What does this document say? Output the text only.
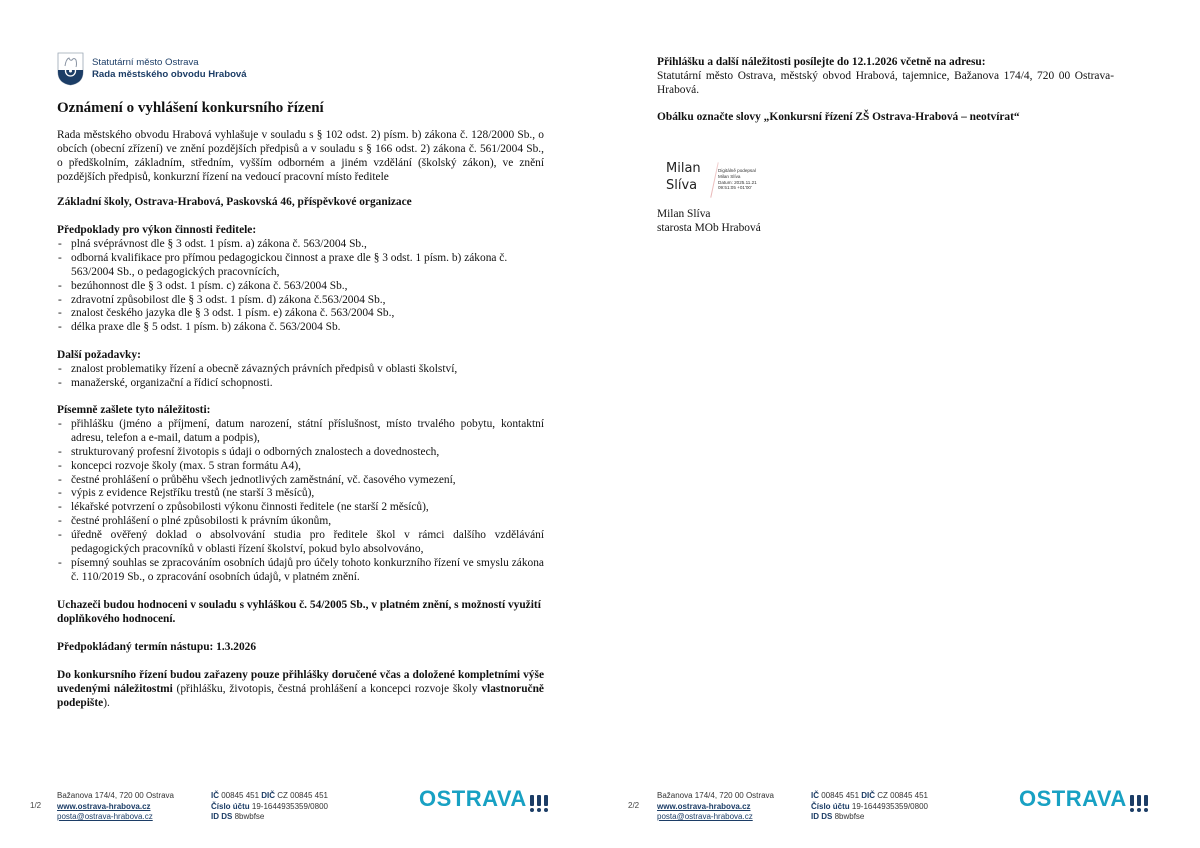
Statutární město Ostrava
Rada městského obvodu Hrabová
Oznámení o vyhlášení konkursního řízení

Rada městského obvodu Hrabová vyhlašuje v souladu s § 102 odst. 2) písm. b) zákona č. 128/2000 Sb., o obcích (obecní zřízení) ve znění pozdějších předpisů a v souladu s § 166 odst. 2) zákona č. 561/2004 Sb., o předškolním, základním, středním, vyšším odborném a jiném vzdělání (školský zákon), ve znění pozdějších předpisů, konkurzní řízení na vedoucí pracovní místo ředitele

Základní školy, Ostrava-Hrabová, Paskovská 46, příspěvkové organizace
Předpoklady pro výkon činnosti ředitele:
- plná svéprávnost dle § 3 odst. 1 písm. a) zákona č. 563/2004 Sb.,
- odborná kvalifikace pro přímou pedagogickou činnost a praxe dle § 3 odst. 1 písm. b) zákona č. 563/2004 Sb., o pedagogických pracovnících,
- bezúhonnost dle § 3 odst. 1 písm. c) zákona č. 563/2004 Sb.,
- zdravotní způsobilost dle § 3 odst. 1 písm. d) zákona č.563/2004 Sb.,
- znalost českého jazyka dle § 3 odst. 1 písm. e) zákona č. 563/2004 Sb.,
- délka praxe dle § 5 odst. 1 písm. b) zákona č. 563/2004 Sb.
Další požadavky:
- znalost problematiky řízení a obecně závazných právních předpisů v oblasti školství,
- manažerské, organizační a řídicí schopnosti.
Písemně zašlete tyto náležitosti:
- přihlášku (jméno a příjmení, datum narození, státní příslušnost, místo trvalého pobytu, kontaktní adresu, telefon a e-mail, datum a podpis),
- strukturovaný profesní životopis s údaji o odborných znalostech a dovednostech,
- koncepci rozvoje školy (max. 5 stran formátu A4),
- čestné prohlášení o průběhu všech jednotlivých zaměstnání, vč. časového vymezení,
- výpis z evidence Rejstříku trestů (ne starší 3 měsíců),
- lékařské potvrzení o způsobilosti výkonu činnosti ředitele (ne starší 2 měsíců),
- čestné prohlášení o plné způsobilosti k právním úkonům,
- úředně ověřený doklad o absolvování studia pro ředitele škol v rámci dalšího vzdělávání pedagogických pracovníků v oblasti řízení školství, pokud bylo absolvováno,
- písemný souhlas se zpracováním osobních údajů pro účely tohoto konkurzního řízení ve smyslu zákona č. 110/2019 Sb., o zpracování osobních údajů, v platném znění.
Uchazeči budou hodnoceni v souladu s vyhláškou č. 54/2005 Sb., v platném znění, s možností využití doplňkového hodnocení.
Předpokládaný termín nástupu: 1.3.2026
Do konkursního řízení budou zařazeny pouze přihlášky doručené včas a doložené kompletními výše uvedenými náležitostmi (přihlášku, životopis, čestná prohlášení a koncepci rozvoje školy vlastnoručně podepište).
1/2
Bažanova 174/4, 720 00 Ostrava
www.ostrava-hrabova.cz
posta@ostrava-hrabova.cz
IČ 00845 451 DIČ CZ 00845 451
Číslo účtu 19-1644935359/0800
ID DS 8bwbfse
OSTRAVA
Přihlášku a další náležitosti posílejte do 12.1.2026 včetně na adresu:
Statutární město Ostrava, městský obvod Hrabová, tajemnice, Bažanova 174/4, 720 00 Ostrava-Hrabová.
Obálku označte slovy „Konkursní řízení ZŠ Ostrava-Hrabová – neotvírat“
Milan
Slíva
Digitálně podepsal
Milan Slíva
Datum: 2025.11.21
09:51:05 +01'00'
Milan Slíva
starosta MOb Hrabová
2/2
Bažanova 174/4, 720 00 Ostrava
www.ostrava-hrabova.cz
posta@ostrava-hrabova.cz
IČ 00845 451 DIČ CZ 00845 451
Číslo účtu 19-1644935359/0800
ID DS 8bwbfse
OSTRAVA
